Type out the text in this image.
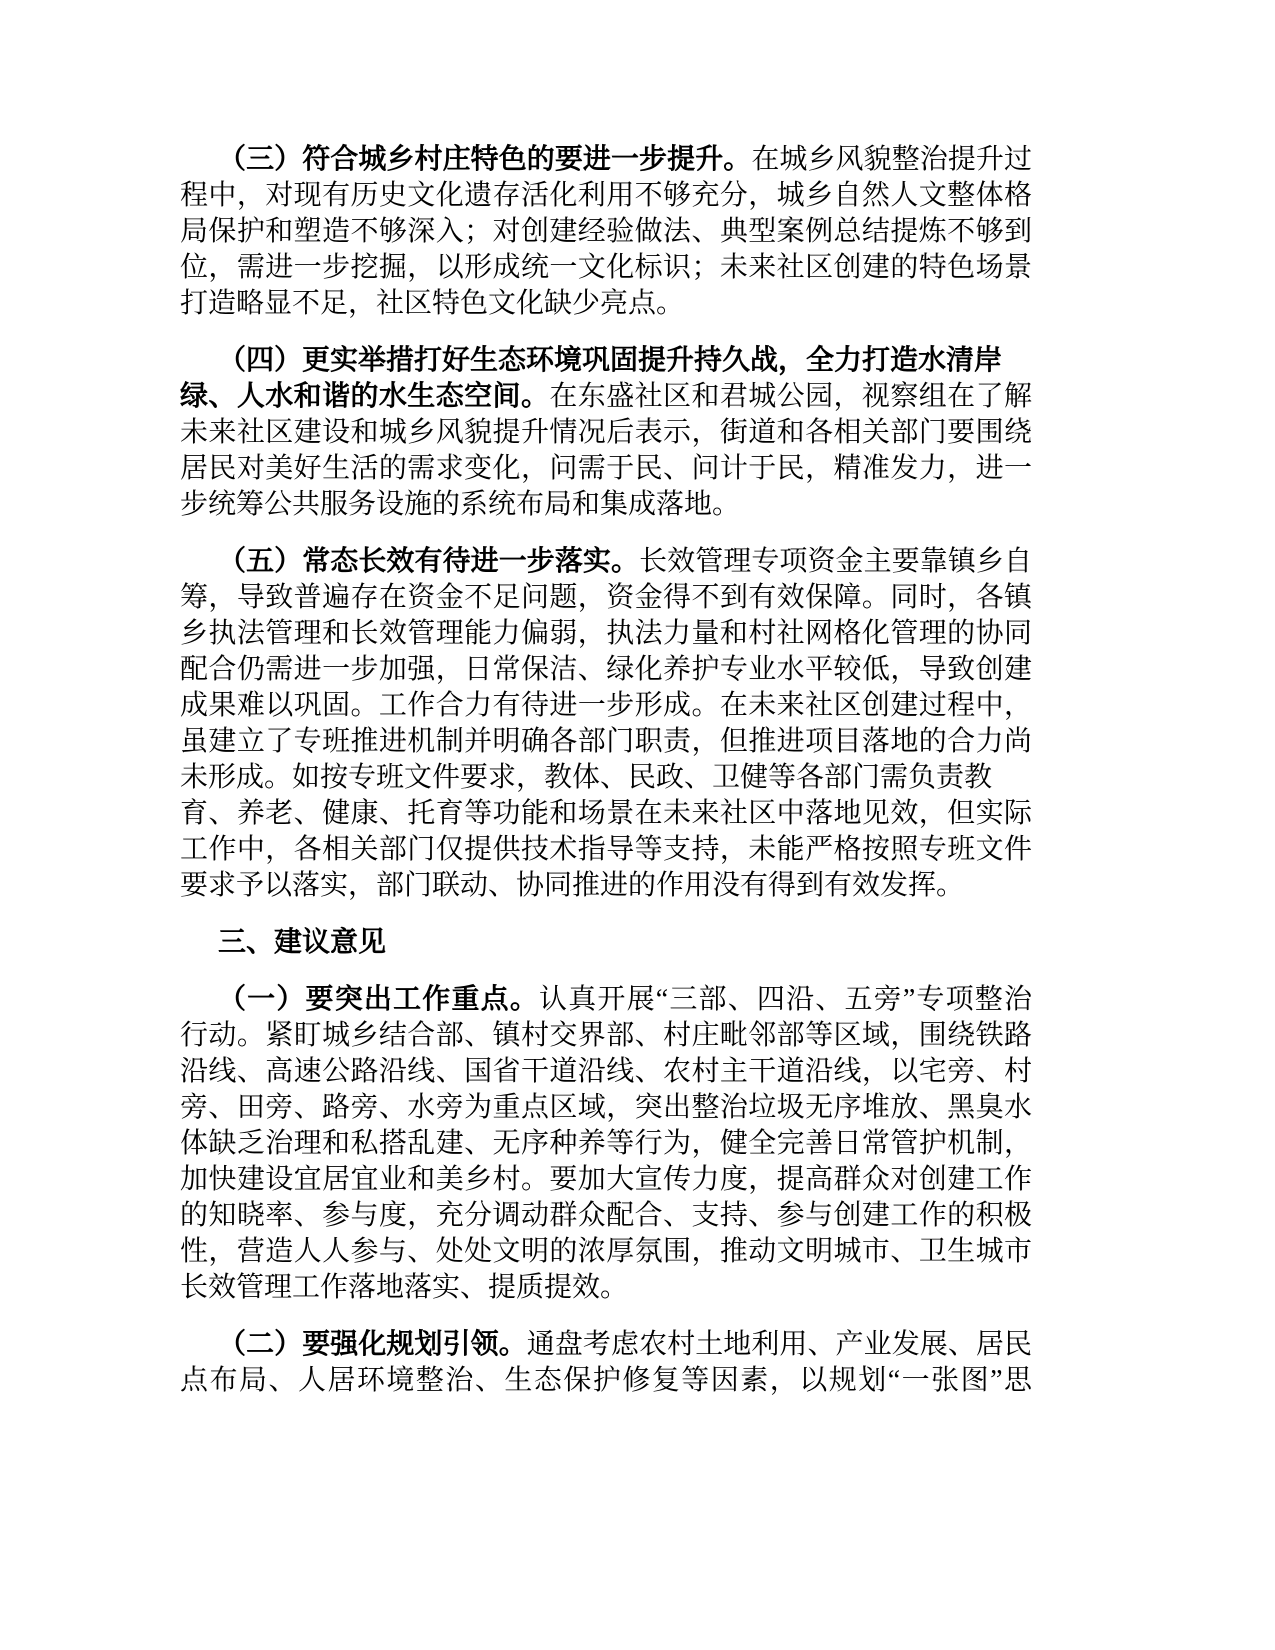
（三）符合城乡村庄特色的要进一步提升。在城乡风貌整治提升过
程中，对现有历史文化遗存活化利用不够充分，城乡自然人文整体格
局保护和塑造不够深入；对创建经验做法、典型案例总结提炼不够到
位，需进一步挖掘，以形成统一文化标识；未来社区创建的特色场景
打造略显不足，社区特色文化缺少亮点。
（四）更实举措打好生态环境巩固提升持久战，全力打造水清岸
绿、人水和谐的水生态空间。在东盛社区和君城公园，视察组在了解
未来社区建设和城乡风貌提升情况后表示，街道和各相关部门要围绕
居民对美好生活的需求变化，问需于民、问计于民，精准发力，进一
步统筹公共服务设施的系统布局和集成落地。
（五）常态长效有待进一步落实。长效管理专项资金主要靠镇乡自
筹，导致普遍存在资金不足问题，资金得不到有效保障。同时，各镇
乡执法管理和长效管理能力偏弱，执法力量和村社网格化管理的协同
配合仍需进一步加强，日常保洁、绿化养护专业水平较低，导致创建
成果难以巩固。工作合力有待进一步形成。在未来社区创建过程中，
虽建立了专班推进机制并明确各部门职责，但推进项目落地的合力尚
未形成。如按专班文件要求，教体、民政、卫健等各部门需负责教
育、养老、健康、托育等功能和场景在未来社区中落地见效，但实际
工作中，各相关部门仅提供技术指导等支持，未能严格按照专班文件
要求予以落实，部门联动、协同推进的作用没有得到有效发挥。
三、建议意见
（一）要突出工作重点。认真开展“三部、四沿、五旁”专项整治
行动。紧盯城乡结合部、镇村交界部、村庄毗邻部等区域，围绕铁路
沿线、高速公路沿线、国省干道沿线、农村主干道沿线，以宅旁、村
旁、田旁、路旁、水旁为重点区域，突出整治垃圾无序堆放、黑臭水
体缺乏治理和私搭乱建、无序种养等行为，健全完善日常管护机制，
加快建设宜居宜业和美乡村。要加大宣传力度，提高群众对创建工作
的知晓率、参与度，充分调动群众配合、支持、参与创建工作的积极
性，营造人人参与、处处文明的浓厚氛围，推动文明城市、卫生城市
长效管理工作落地落实、提质提效。
（二）要强化规划引领。通盘考虑农村土地利用、产业发展、居民
点布局、人居环境整治、生态保护修复等因素，以规划“一张图”思
